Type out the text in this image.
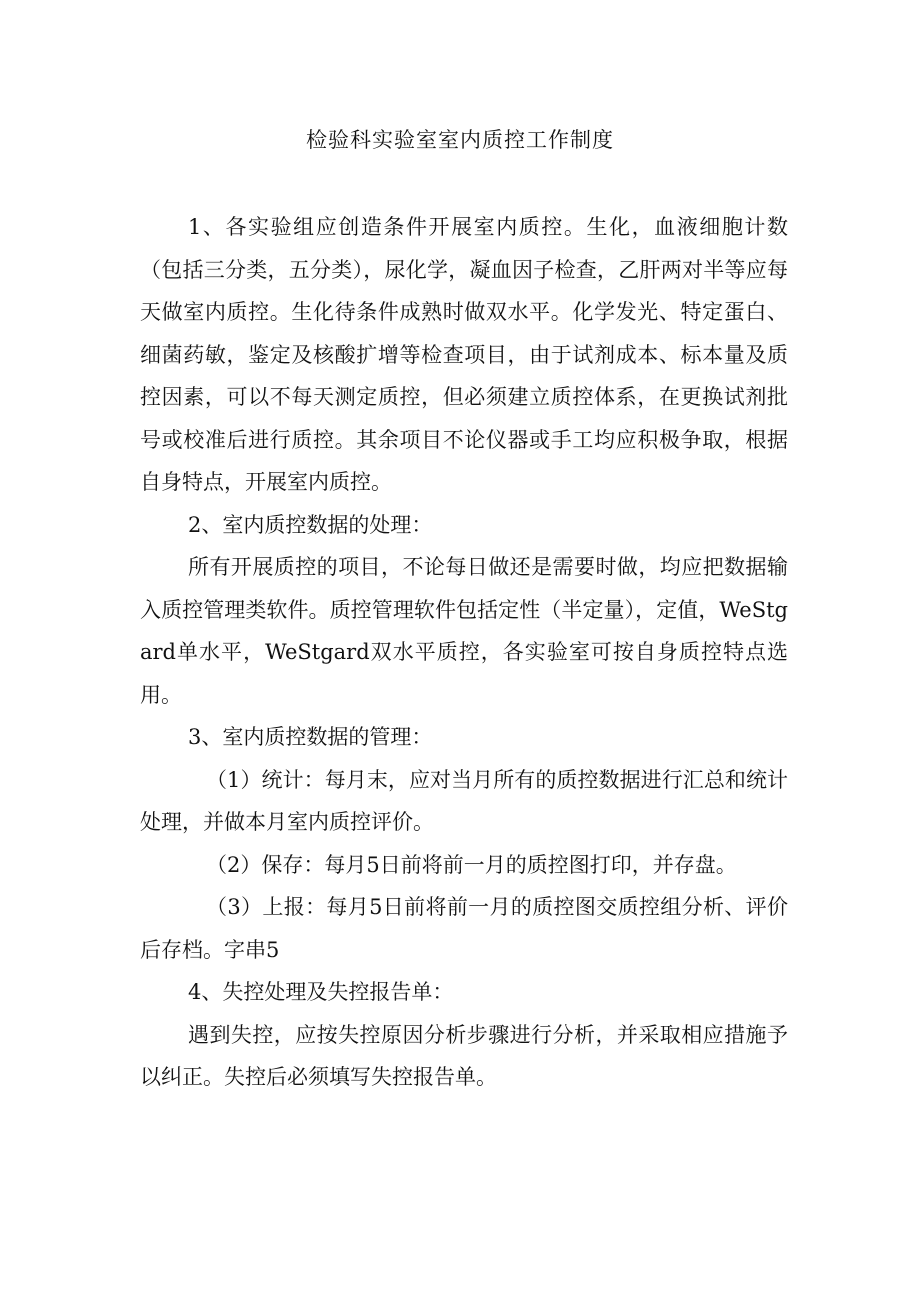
检验科实验室室内质控工作制度

1、各实验组应创造条件开展室内质控。生化，血液细胞计数（包括三分类，五分类），尿化学，凝血因子检查，乙肝两对半等应每天做室内质控。生化待条件成熟时做双水平。化学发光、特定蛋白、细菌药敏，鉴定及核酸扩增等检查项目，由于试剂成本、标本量及质控因素，可以不每天测定质控，但必须建立质控体系，在更换试剂批号或校准后进行质控。其余项目不论仪器或手工均应积极争取，根据自身特点，开展室内质控。

2、室内质控数据的处理：

所有开展质控的项目，不论每日做还是需要时做，均应把数据输入质控管理类软件。质控管理软件包括定性（半定量），定值，WeStgard单水平，WeStgard双水平质控，各实验室可按自身质控特点选用。

3、室内质控数据的管理：

（1）统计：每月末，应对当月所有的质控数据进行汇总和统计处理，并做本月室内质控评价。

（2）保存：每月5日前将前一月的质控图打印，并存盘。

（3）上报：每月5日前将前一月的质控图交质控组分析、评价后存档。字串5

4、失控处理及失控报告单：

遇到失控，应按失控原因分析步骤进行分析，并采取相应措施予以纠正。失控后必须填写失控报告单。
